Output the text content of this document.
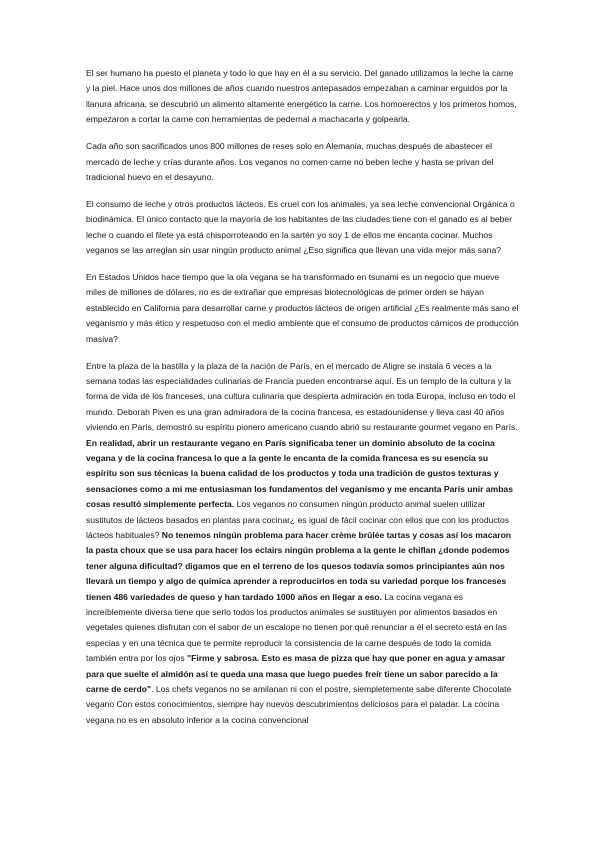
El ser humano ha puesto el planeta y todo lo que hay en él a su servicio. Del ganado utilizamos la leche la carne y la piel. Hace unos dos millones de años cuando nuestros antepasados empezaban a caminar erguidos por la llanura africana, se descubrió un alimento altamente energético la carne. Los homoerectos y los primeros homos, empezaron a cortar la carne con herramientas de pedernal a machacarla y golpearla.

Cada año son sacrificados unos 800 millones de reses solo en Alemania, muchas después de abastecer el mercado de leche y crías durante años. Los veganos no comen carne no beben leche y hasta se privan del tradicional huevo en el desayuno.

El consumo de leche y otros productos lácteos. Es cruel con los animales, ya sea leche convencional Orgánica o biodinámica. El único contacto que la mayoría de los habitantes de las ciudades tiene con el ganado es al beber leche o cuando el filete ya está chisporroteando en la sartén yo soy 1 de ellos me encanta cocinar. Muchos veganos se las arreglan sin usar ningún producto animal ¿Eso significa que llevan una vida mejor más sana?

En Estados Unidos hace tiempo que la ola vegana se ha transformado en tsunami es un negocio que mueve miles de millones de dólares, no es de extrañar que empresas biotecnológicas de primer orden se hayan establecido en California para desarrollar carne y productos lácteos de origen artificial ¿Es realmente más sano el veganismo y más ético y respetuoso con el medio ambiente que el consumo de productos cárnicos de producción masiva?

Entre la plaza de la bastilla y la plaza de la nación de París, en el mercado de Aligre se instala 6 veces a la semana todas las especialidades culinarias de Francia pueden encontrarse aquí. Es un templo de la cultura y la forma de vida de los franceses, una cultura culinaria que despierta admiración en toda Europa, incluso en todo el mundo. Deborah Piven es una gran admiradora de la cocina francesa, es estadounidense y lleva casi 40 años viviendo en París, demostró su espíritu pionero americano cuando abrió su restaurante gourmet vegano en París. En realidad, abrir un restaurante vegano en París significaba tener un dominio absoluto de la cocina vegana y de la cocina francesa lo que a la gente le encanta de la comida francesa es su esencia su espíritu son sus técnicas la buena calidad de los productos y toda una tradición de gustos texturas y sensaciones como a mí me entusiasman los fundamentos del veganismo y me encanta París unir ambas cosas resultó simplemente perfecta. Los veganos no consumen ningún producto animal suelen utilizar sustitutos de lácteos basados en plantas para cocinar¿ es igual de fácil cocinar con ellos que con los productos lácteos habituales? No tenemos ningún problema para hacer crème brûlée tartas y cosas así los macaron la pasta choux que se usa para hacer los eclairs ningún problema a la gente le chiflan ¿donde podemos tener alguna dificultad? digamos que en el terreno de los quesos todavía somos principiantes aún nos llevará un tiempo y algo de química aprender a reproducirlos en toda su variedad porque los franceses tienen 486 variedades de queso y han tardado 1000 años en llegar a eso. La cocina vegana es increíblemente diversa tiene que serlo todos los productos animales se sustituyen por alimentos basados en vegetales quienes disfrutan con el sabor de un escalope no tienen por qué renunciar a él el secreto está en las especias y en una técnica que te permite reproducir la consistencia de la carne después de todo la comida también entra por los ojos "Firme y sabrosa. Esto es masa de pizza que hay que poner en agua y amasar para que suelte el almidón así te queda una masa que luego puedes freír tiene un sabor parecido a la carne de cerdo". Los chefs veganos no se amilanan ni con el postre, siempletemente sabe diferente Chocolate vegano Con estos conocimientos, siempre hay nuevos descubrimientos deliciosos para el paladar. La cocina vegana no es en absoluto inferior a la cocina convencional
